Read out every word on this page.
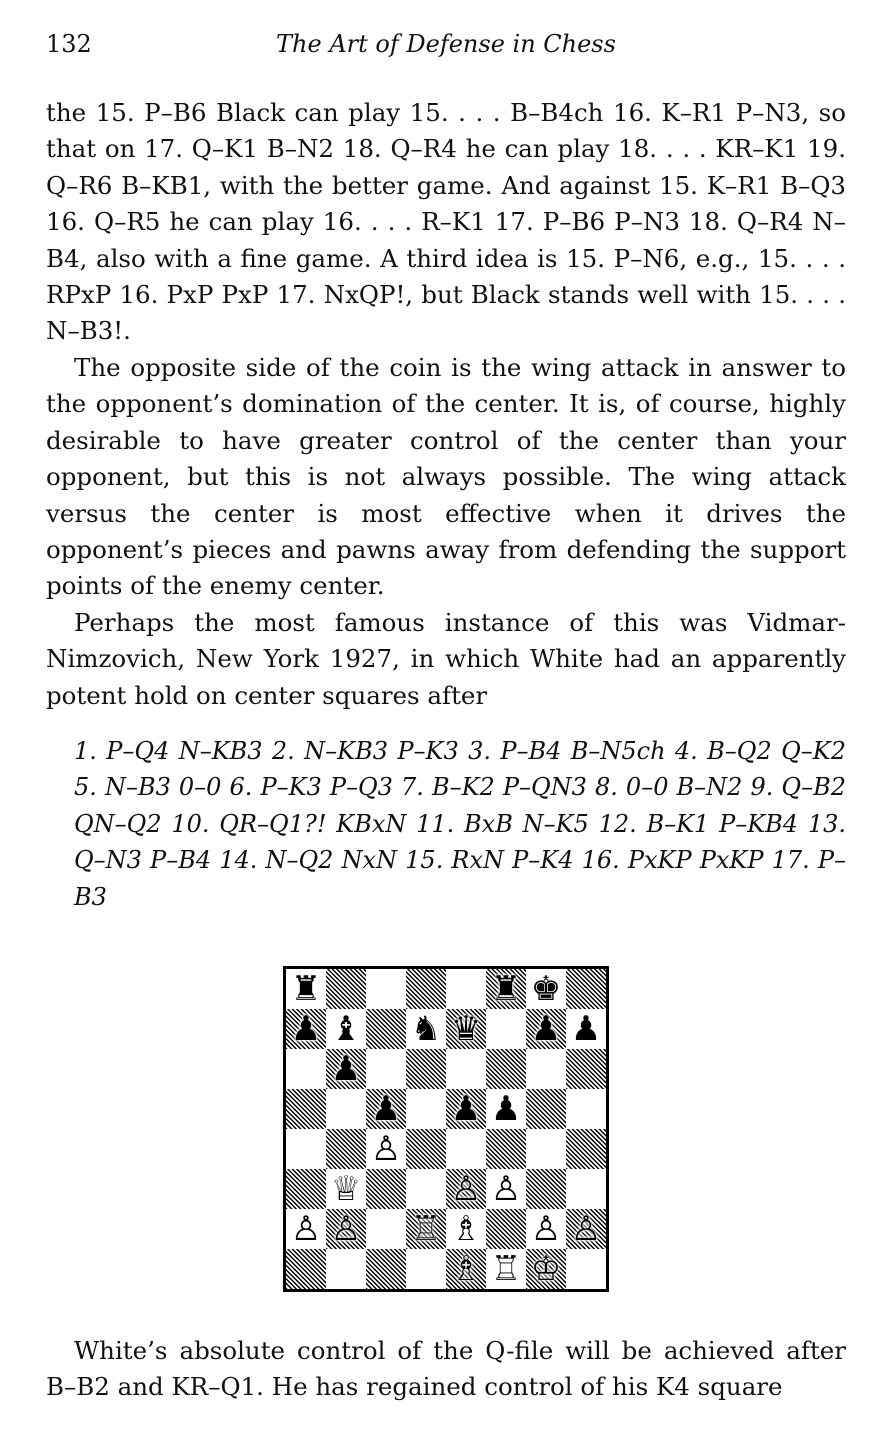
132	The Art of Defense in Chess
the 15. P–B6 Black can play 15. . . . B–B4ch 16. K–R1 P–N3, so that on 17. Q–K1 B–N2 18. Q–R4 he can play 18. . . . KR–K1 19. Q–R6 B–KB1, with the better game. And against 15. K–R1 B–Q3 16. Q–R5 he can play 16. . . . R–K1 17. P–B6 P–N3 18. Q–R4 N–B4, also with a fine game. A third idea is 15. P–N6, e.g., 15. . . . RPxP 16. PxP PxP 17. NxQP!, but Black stands well with 15. . . . N–B3!.
The opposite side of the coin is the wing attack in answer to the opponent’s domination of the center. It is, of course, highly desirable to have greater control of the center than your opponent, but this is not always possible. The wing attack versus the center is most effective when it drives the opponent’s pieces and pawns away from defending the support points of the enemy center.
Perhaps the most famous instance of this was Vidmar-Nimzovich, New York 1927, in which White had an apparently potent hold on center squares after
1. P–Q4 N–KB3 2. N–KB3 P–K3 3. P–B4 B–N5ch 4. B–Q2 Q–K2 5. N–B3 0–0 6. P–K3 P–Q3 7. B–K2 P–QN3 8. 0–0 B–N2 9. Q–B2 QN–Q2 10. QR–Q1?! KBxN 11. BxB N–K5 12. B–K1 P–KB4 13. Q–N3 P–B4 14. N–Q2 NxN 15. RxN P–K4 16. PxKP PxKP 17. P–B3
♜	♜ ♚
♟ ♝ ♞ ♛ ♟ ♟
♟
♟ ♟ ♟
♙
♕	♙ ♙
♙ ♙ ♖ ♗ ♙ ♙
♗ ♖ ♔
White’s absolute control of the Q-file will be achieved after B–B2 and KR–Q1. He has regained control of his K4 square
